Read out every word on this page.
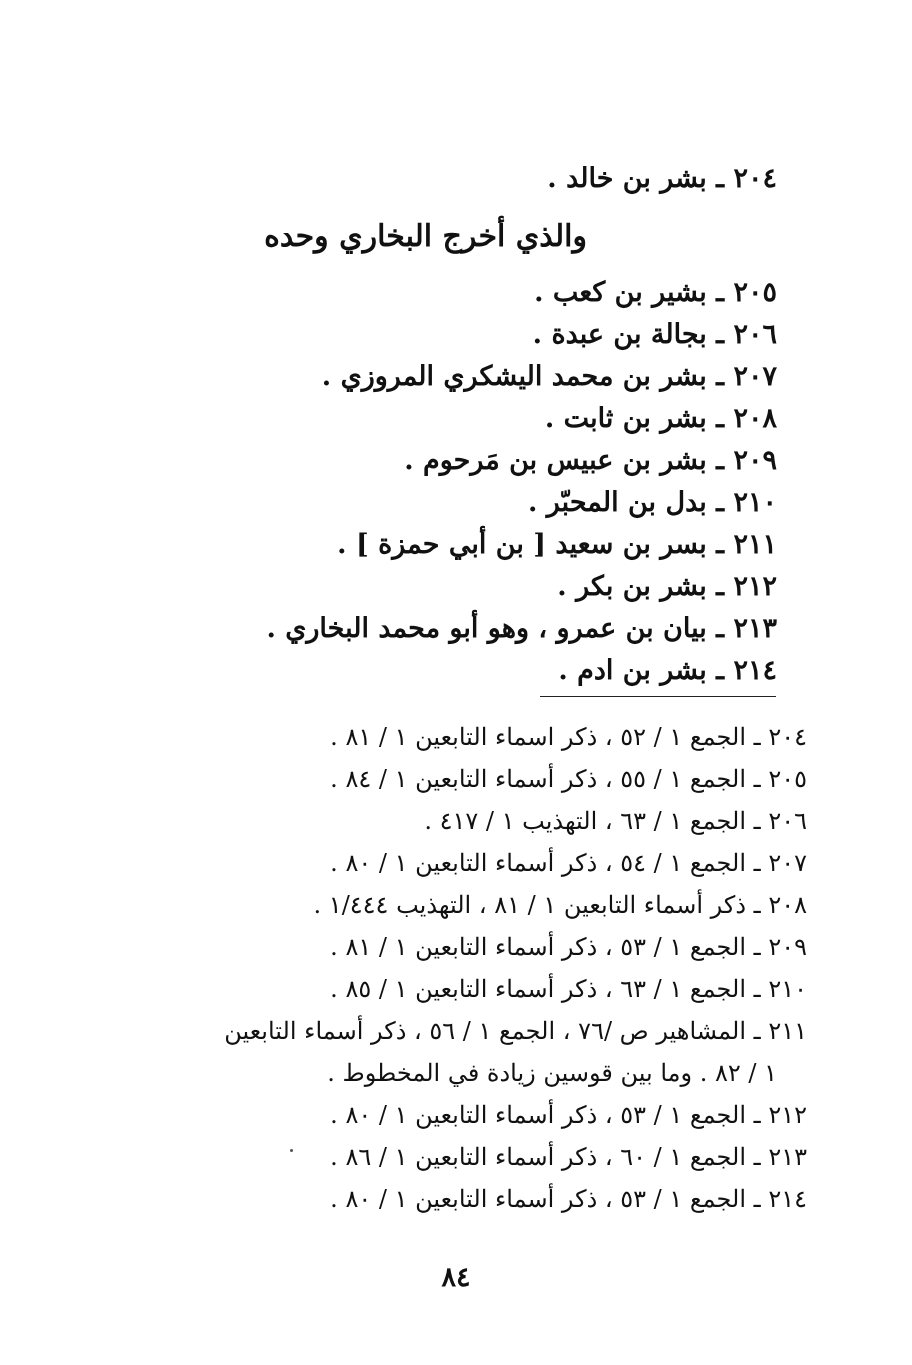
٢٠٤ ـ بشر بن خالد .
والذي أخرج البخاري وحده
٢٠٥ ـ بشير بن كعب .
٢٠٦ ـ بجالة بن عبدة .
٢٠٧ ـ بشر بن محمد اليشكري المروزي .
٢٠٨ ـ بشر بن ثابت .
٢٠٩ ـ بشر بن عبيس بن مَرحوم .
٢١٠ ـ بدل بن المحبّر .
٢١١ ـ بسر بن سعيد [ بن أبي حمزة ] .
٢١٢ ـ بشر بن بكر .
٢١٣ ـ بيان بن عمرو ، وهو أبو محمد البخاري .
٢١٤ ـ بشر بن ادم .
٢٠٤ ـ الجمع ١ / ٥٢ ، ذكر اسماء التابعين ١ / ٨١ .
٢٠٥ ـ الجمع ١ / ٥٥ ، ذكر أسماء التابعين ١ / ٨٤ .
٢٠٦ ـ الجمع ١ / ٦٣ ، التهذيب ١ / ٤١٧ .
٢٠٧ ـ الجمع ١ / ٥٤ ، ذكر أسماء التابعين ١ / ٨٠ .
٢٠٨ ـ ذكر أسماء التابعين ١ / ٨١ ، التهذيب ١/٤٤٤ .
٢٠٩ ـ الجمع ١ / ٥٣ ، ذكر أسماء التابعين ١ / ٨١ .
٢١٠ ـ الجمع ١ / ٦٣ ، ذكر أسماء التابعين ١ / ٨٥ .
٢١١ ـ المشاهير ص /٧٦ ، الجمع ١ / ٥٦ ، ذكر أسماء التابعين
١ / ٨٢ . وما بين قوسين زيادة في المخطوط .
٢١٢ ـ الجمع ١ / ٥٣ ، ذكر أسماء التابعين ١ / ٨٠ .
٢١٣ ـ الجمع ١ / ٦٠ ، ذكر أسماء التابعين ١ / ٨٦ .
٢١٤ ـ الجمع ١ / ٥٣ ، ذكر أسماء التابعين ١ / ٨٠ .
٨٤
